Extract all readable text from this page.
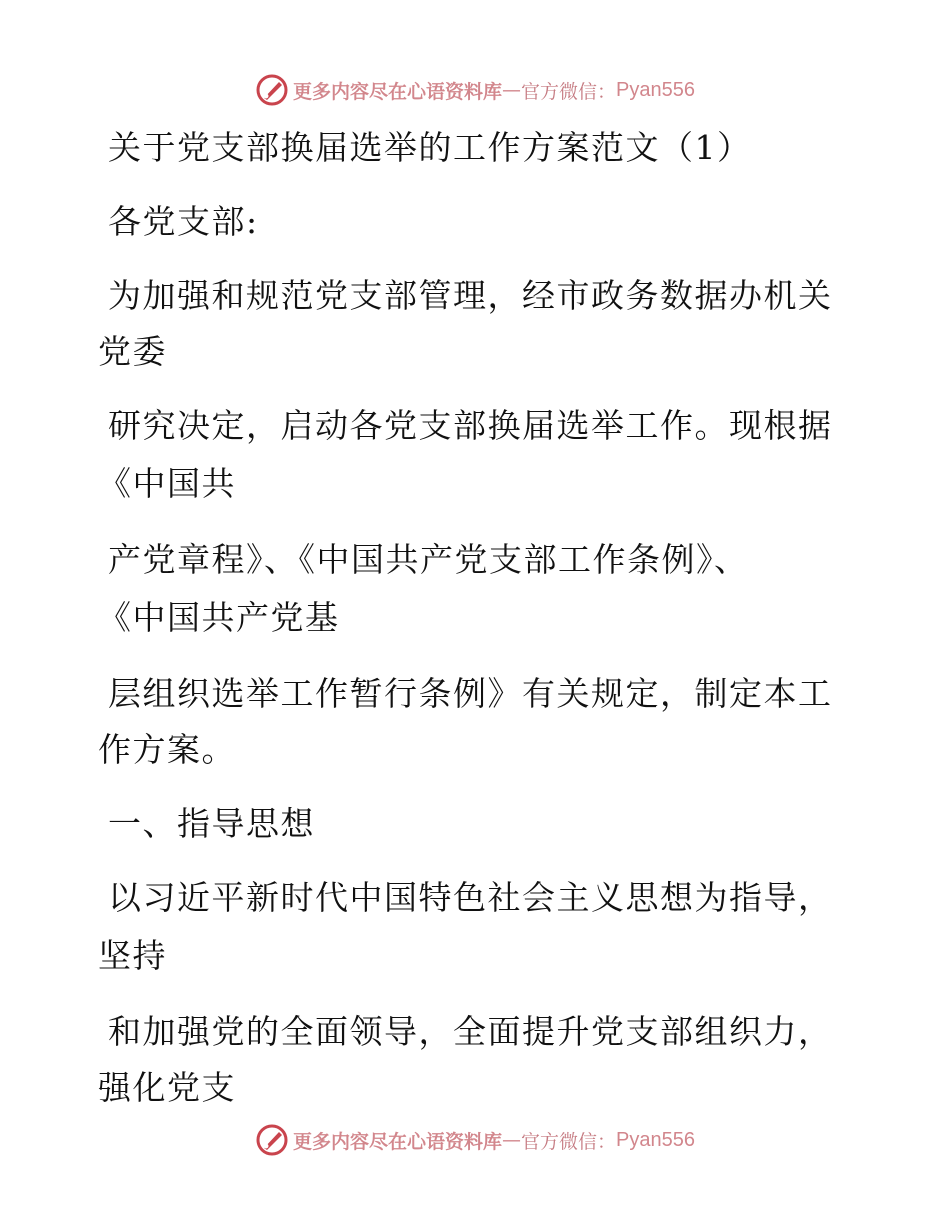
更多内容尽在心语资料库 — 官方微信： Pyan556
关于党支部换届选举的工作方案范文（1）
各党支部:
为加强和规范党支部管理，经市政务数据办机关
党委
研究决定，启动各党支部换届选举工作。现根据
《中国共
产党章程》、《中国共产党支部工作条例》、
《中国共产党基
层组织选举工作暂行条例》有关规定，制定本工
作方案。
一、指导思想
以习近平新时代中国特色社会主义思想为指导，
坚持
和加强党的全面领导，全面提升党支部组织力，
强化党支
更多内容尽在心语资料库 — 官方微信： Pyan556
